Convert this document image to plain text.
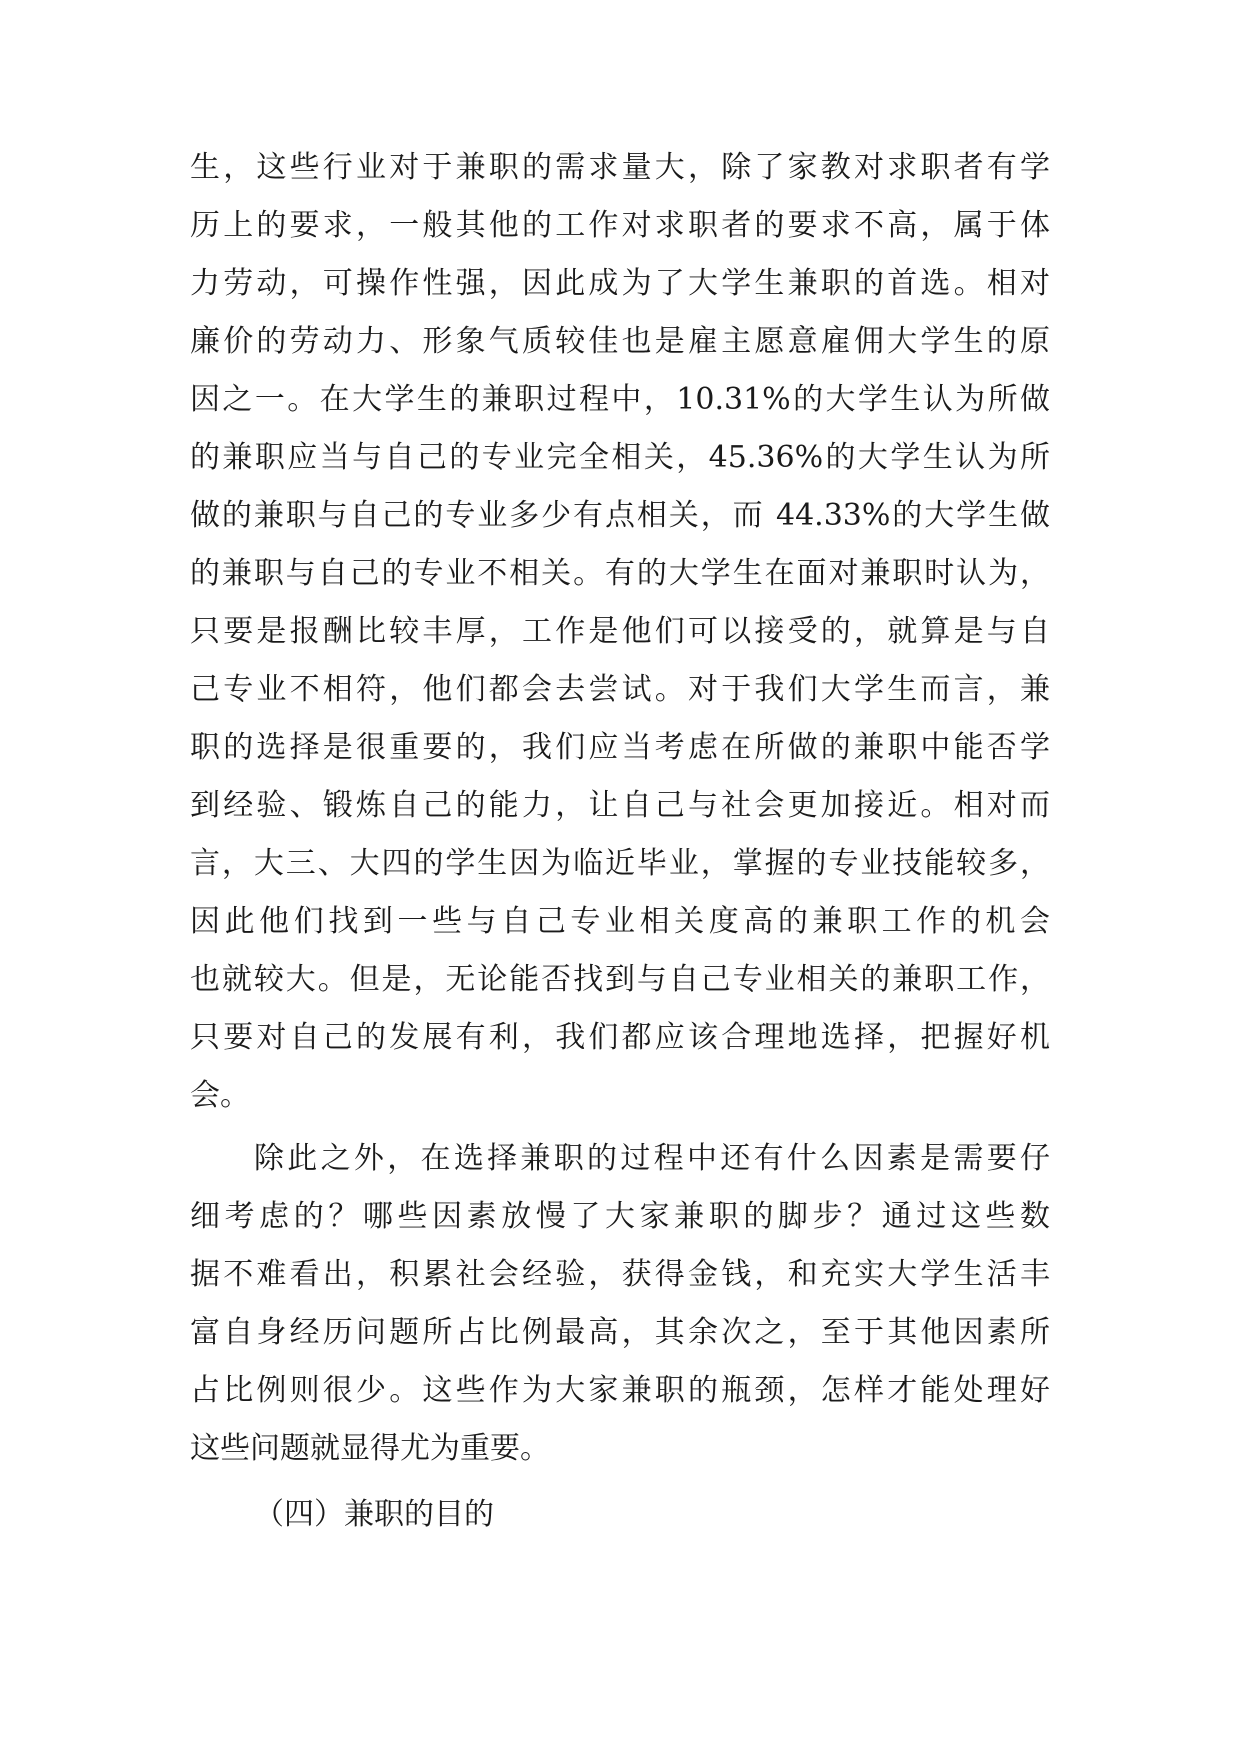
生，这些行业对于兼职的需求量大，除了家教对求职者有学
历上的要求，一般其他的工作对求职者的要求不高，属于体
力劳动，可操作性强，因此成为了大学生兼职的首选。相对
廉价的劳动力、形象气质较佳也是雇主愿意雇佣大学生的原
因之一。在大学生的兼职过程中，10.31%的大学生认为所做
的兼职应当与自己的专业完全相关，45.36%的大学生认为所
做的兼职与自己的专业多少有点相关，而 44.33%的大学生做
的兼职与自己的专业不相关。有的大学生在面对兼职时认为，
只要是报酬比较丰厚，工作是他们可以接受的，就算是与自
己专业不相符，他们都会去尝试。对于我们大学生而言，兼
职的选择是很重要的，我们应当考虑在所做的兼职中能否学
到经验、锻炼自己的能力，让自己与社会更加接近。相对而
言，大三、大四的学生因为临近毕业，掌握的专业技能较多，
因此他们找到一些与自己专业相关度高的兼职工作的机会
也就较大。但是，无论能否找到与自己专业相关的兼职工作，
只要对自己的发展有利，我们都应该合理地选择，把握好机
会。
除此之外，在选择兼职的过程中还有什么因素是需要仔
细考虑的？哪些因素放慢了大家兼职的脚步？通过这些数
据不难看出，积累社会经验，获得金钱，和充实大学生活丰
富自身经历问题所占比例最高，其余次之，至于其他因素所
占比例则很少。这些作为大家兼职的瓶颈，怎样才能处理好
这些问题就显得尤为重要。
（四）兼职的目的
